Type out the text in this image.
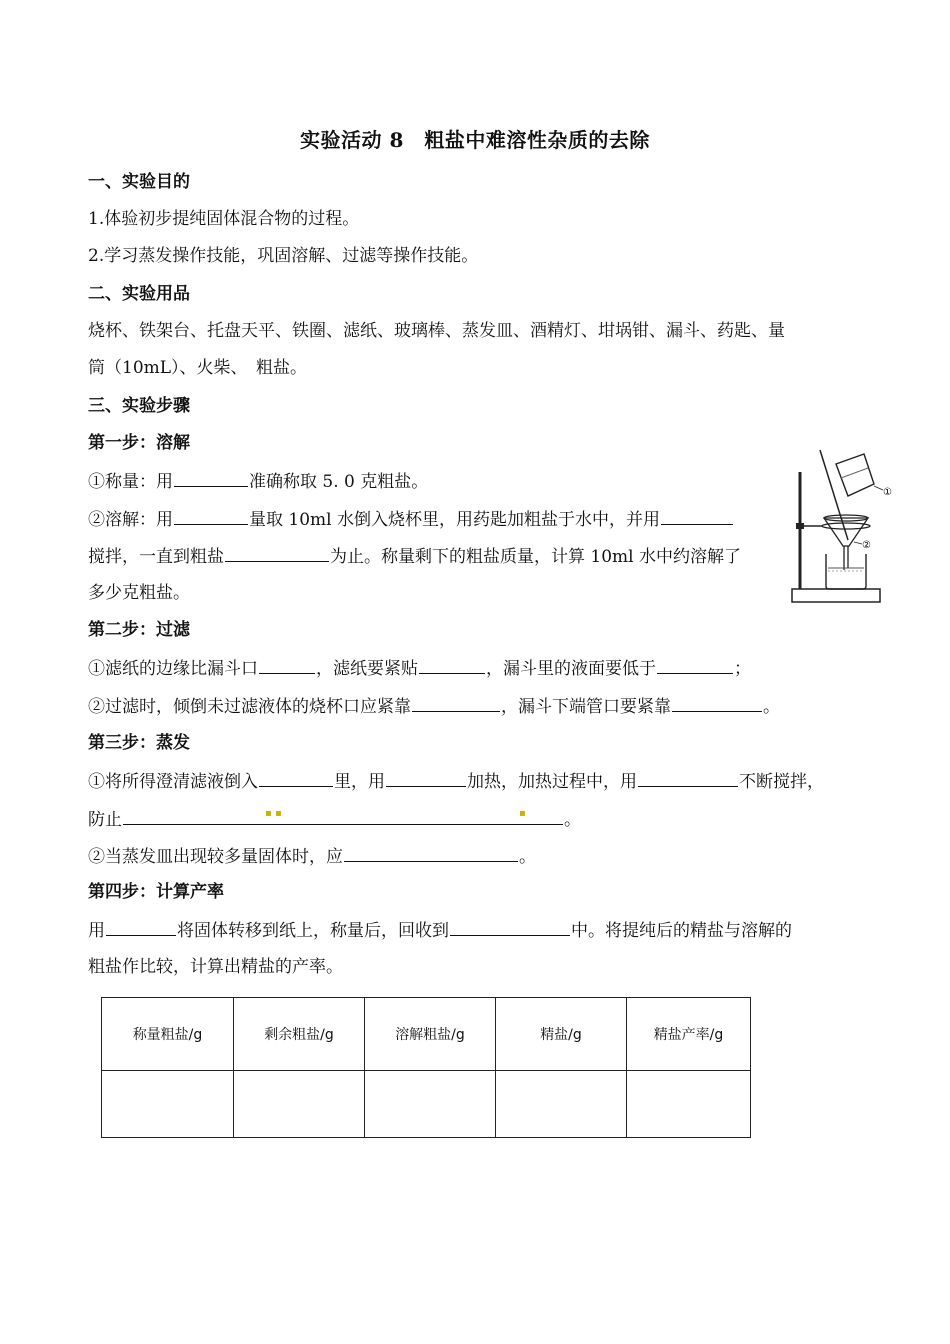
实验活动 8　粗盐中难溶性杂质的去除
一、实验目的
1.体验初步提纯固体混合物的过程。
2.学习蒸发操作技能，巩固溶解、过滤等操作技能。
二、实验用品
烧杯、铁架台、托盘天平、铁圈、滤纸、玻璃棒、蒸发皿、酒精灯、坩埚钳、漏斗、药匙、量
筒（10mL）、火柴、　粗盐。
三、实验步骤
第一步：溶解
①称量：用	准确称取 5. 0 克粗盐。
②溶解：用	量取 10ml 水倒入烧杯里，用药匙加粗盐于水中，并用
搅拌，一直到粗盐	为止。称量剩下的粗盐质量，计算 10ml 水中约溶解了
多少克粗盐。
①
②
第二步：过滤
①滤纸的边缘比漏斗口	，滤纸要紧贴	，漏斗里的液面要低于	；
②过滤时，倾倒未过滤液体的烧杯口应紧靠	，漏斗下端管口要紧靠	。
第三步：蒸发
①将所得澄清滤液倒入	里，用	加热，加热过程中，用	不断搅拌，
防止	▪ ▪	▪ 。
②当蒸发皿出现较多量固体时，应	。
第四步：计算产率
用	将固体转移到纸上，称量后，回收到	中。将提纯后的精盐与溶解的
粗盐作比较，计算出精盐的产率。
称量粗盐/g	剩余粗盐/g	溶解粗盐/g	精盐/g	精盐产率/g
